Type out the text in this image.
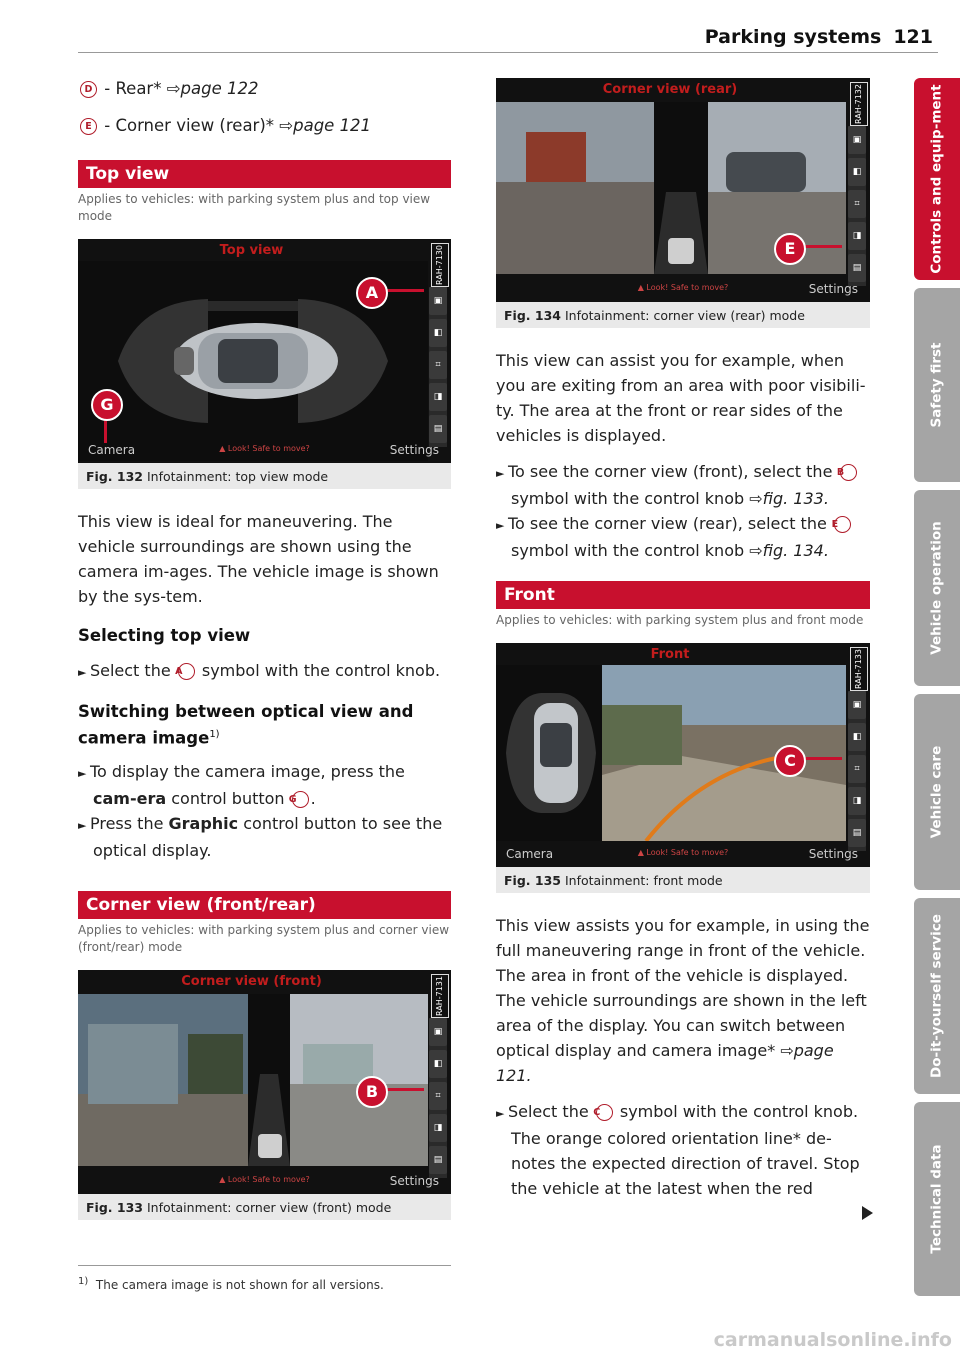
Parking systems 121
D - Rear* ⇨page 122
E - Corner view (rear)* ⇨page 121
Top view
Applies to vehicles: with parking system plus and top view mode
Top view	RAH-7130
▣
◧
⌗
◨
▤
A
G
Camera	▲ Look! Safe to move?	Settings
Fig. 132 Infotainment: top view mode

This view is ideal for maneuvering. The vehicle surroundings are shown using the camera im-ages. The vehicle image is shown by the sys-tem.

Selecting top view

► Select the A symbol with the control knob.

Switching between optical view and camera image$^{1)}$

► To display the camera image, press the cam-era control button G .

► Press the Graphic control button to see the optical display.

Corner view (front/rear)
Applies to vehicles: with parking system plus and corner view (front/rear) mode
Corner view (front)	RAH-7131
▣
◧
⌗
◨
▤
B
▲ Look! Safe to move?	Settings
Fig. 133 Infotainment: corner view (front) mode
$^{1)}$ The camera image is not shown for all versions.
Corner view (rear)	RAH-7132
▣
◧
⌗
◨
▤
E
▲ Look! Safe to move?	Settings
Fig. 134 Infotainment: corner view (rear) mode

This view can assist you for example, when you are exiting from an area with poor visibili-ty. The area at the front or rear sides of the vehicles is displayed.

► To see the corner view (front), select the B symbol with the control knob ⇨fig. 133.

► To see the corner view (rear), select the E symbol with the control knob ⇨fig. 134.

Front
Applies to vehicles: with parking system plus and front mode
Front	RAH-7133
▣
◧
⌗
◨
▤
C
Camera	▲ Look! Safe to move?	Settings
Fig. 135 Infotainment: front mode

This view assists you for example, in using the full maneuvering range in front of the vehicle. The area in front of the vehicle is displayed. The vehicle surroundings are shown in the left area of the display. You can switch between optical display and camera image* ⇨page 121.

► Select the C symbol with the control knob. The orange colored orientation line* de-notes the expected direction of travel. Stop the vehicle at the latest when the red

Controls and equip-ment
Safety first
Vehicle operation
Vehicle care
Do-it-yourself service
Technical data
carmanualsonline.info
